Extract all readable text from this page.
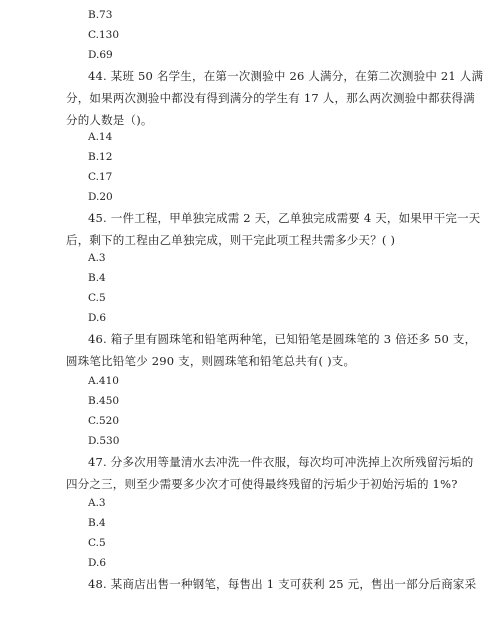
B.73
C.130
D.69
44. 某班 50 名学生，在第一次测验中 26 人满分，在第二次测验中 21 人满
分，如果两次测验中都没有得到满分的学生有 17 人，那么两次测验中都获得满
分的人数是（)。
A.14
B.12
C.17
D.20
45. 一件工程，甲单独完成需 2 天，乙单独完成需要 4 天，如果甲干完一天
后，剩下的工程由乙单独完成，则干完此项工程共需多少天？( )
A.3
B.4
C.5
D.6
46. 箱子里有圆珠笔和铅笔两种笔，已知铅笔是圆珠笔的 3 倍还多 50 支，
圆珠笔比铅笔少 290 支，则圆珠笔和铅笔总共有( )支。
A.410
B.450
C.520
D.530
47. 分多次用等量清水去冲洗一件衣服，每次均可冲洗掉上次所残留污垢的
四分之三，则至少需要多少次才可使得最终残留的污垢少于初始污垢的 1%?
A.3
B.4
C.5
D.6
48. 某商店出售一种钢笔，每售出 1 支可获利 25 元，售出一部分后商家采
